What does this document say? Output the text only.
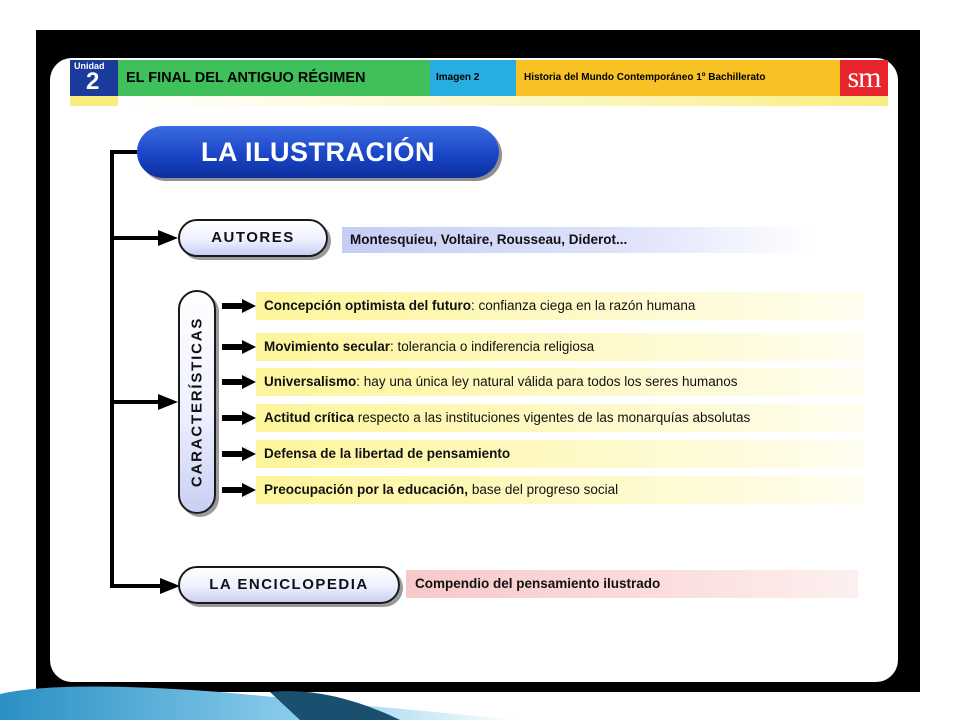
Unidad
2	EL FINAL DEL ANTIGUO RÉGIMEN	Imagen 2	Historia del Mundo Contemporáneo 1º Bachillerato	sm
LA ILUSTRACIÓN
AUTORES	Montesquieu, Voltaire, Rousseau, Diderot...
CARACTERÍSTICAS
Concepción optimista del futuro: confianza ciega en la razón humana
Movimiento secular: tolerancia o indiferencia religiosa
Universalismo: hay una única ley natural válida para todos los seres humanos
Actitud crítica respecto a las instituciones vigentes de las monarquías absolutas
Defensa de la libertad de pensamiento
Preocupación por la educación, base del progreso social
LA ENCICLOPEDIA	Compendio del pensamiento ilustrado
